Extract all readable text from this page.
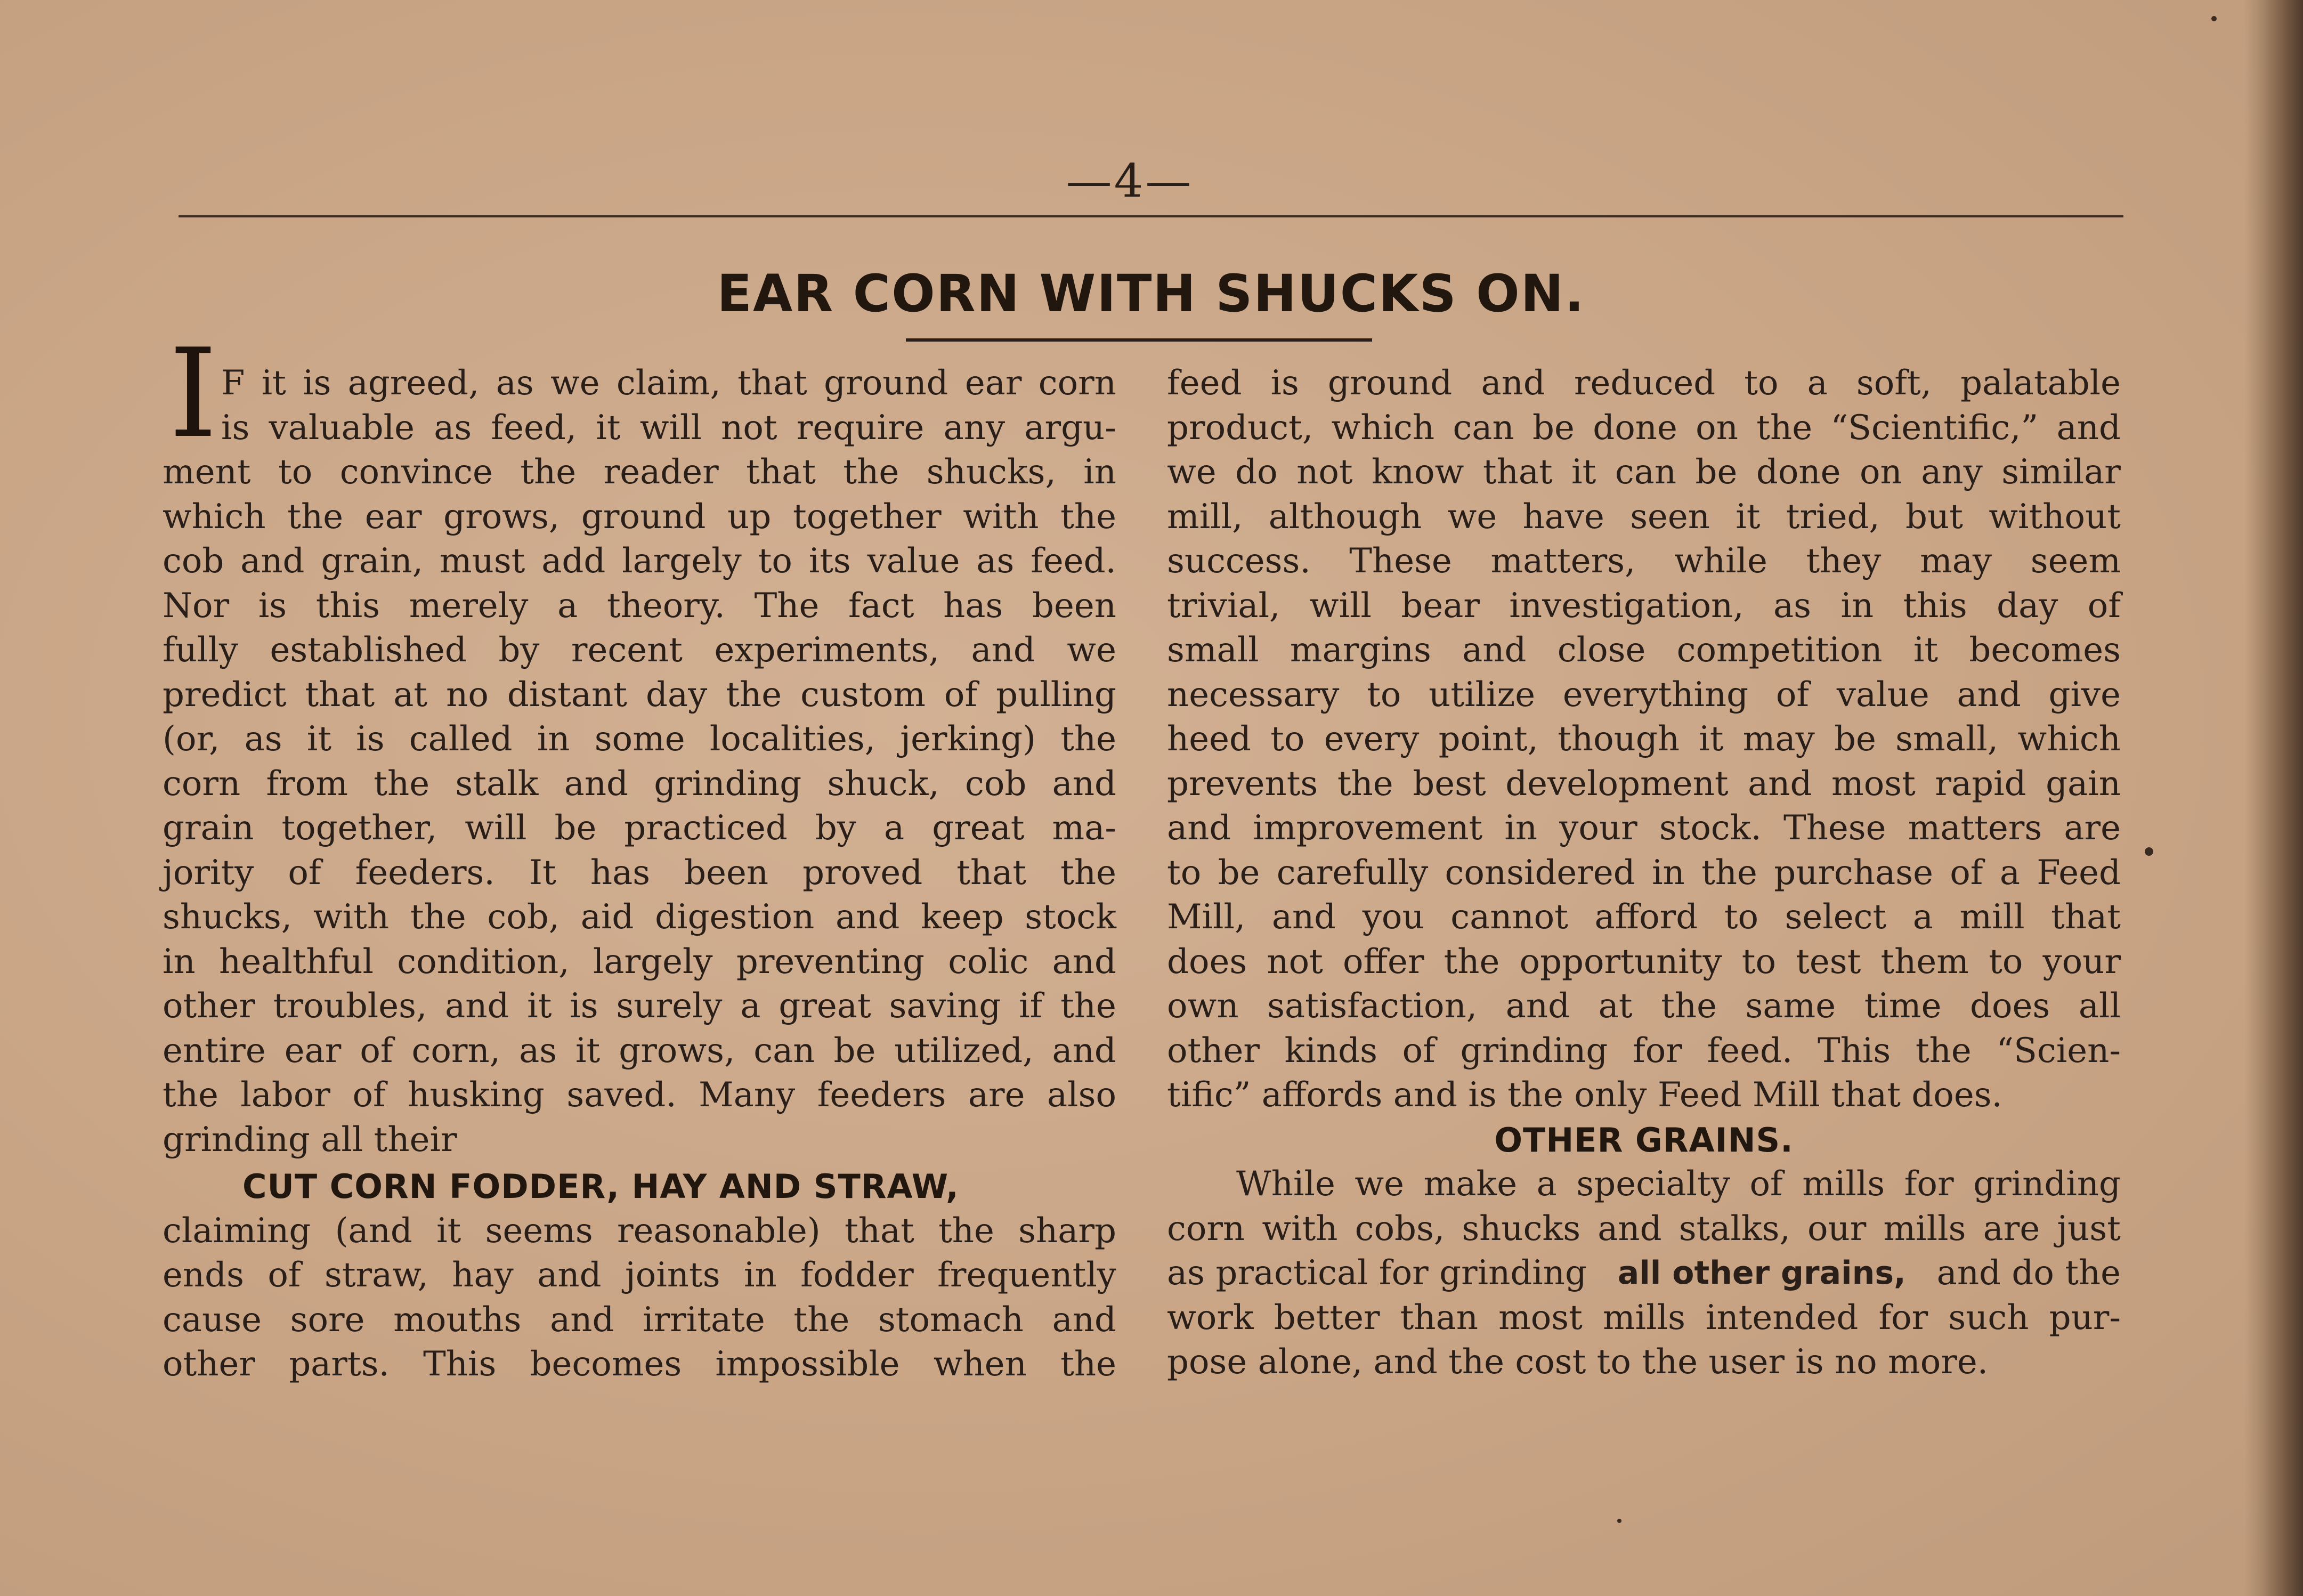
—4—
EAR CORN WITH SHUCKS ON.
I F it is agreed, as we claim, that ground ear corn
is valuable as feed, it will not require any argu-
ment to convince the reader that the shucks, in
which the ear grows, ground up together with the
cob and grain, must add largely to its value as feed.
Nor is this merely a theory. The fact has been
fully established by recent experiments, and we
predict that at no distant day the custom of pulling
(or, as it is called in some localities, jerking) the
corn from the stalk and grinding shuck, cob and
grain together, will be practiced by a great ma-
jority of feeders. It has been proved that the
shucks, with the cob, aid digestion and keep stock
in healthful condition, largely preventing colic and
other troubles, and it is surely a great saving if the
entire ear of corn, as it grows, can be utilized, and
the labor of husking saved. Many feeders are also
grinding all their
CUT CORN FODDER, HAY AND STRAW,
claiming (and it seems reasonable) that the sharp
ends of straw, hay and joints in fodder frequently
cause sore mouths and irritate the stomach and
other parts. This becomes impossible when the
feed is ground and reduced to a soft, palatable
product, which can be done on the “Scientific,” and
we do not know that it can be done on any similar
mill, although we have seen it tried, but without
success. These matters, while they may seem
trivial, will bear investigation, as in this day of
small margins and close competition it becomes
necessary to utilize everything of value and give
heed to every point, though it may be small, which
prevents the best development and most rapid gain
and improvement in your stock. These matters are
to be carefully considered in the purchase of a Feed
Mill, and you cannot afford to select a mill that
does not offer the opportunity to test them to your
own satisfaction, and at the same time does all
other kinds of grinding for feed. This the “Scien-
tific” affords and is the only Feed Mill that does.
OTHER GRAINS.
While we make a specialty of mills for grinding
corn with cobs, shucks and stalks, our mills are just
as practical for grinding all other grains, and do the
work better than most mills intended for such pur-
pose alone, and the cost to the user is no more.
